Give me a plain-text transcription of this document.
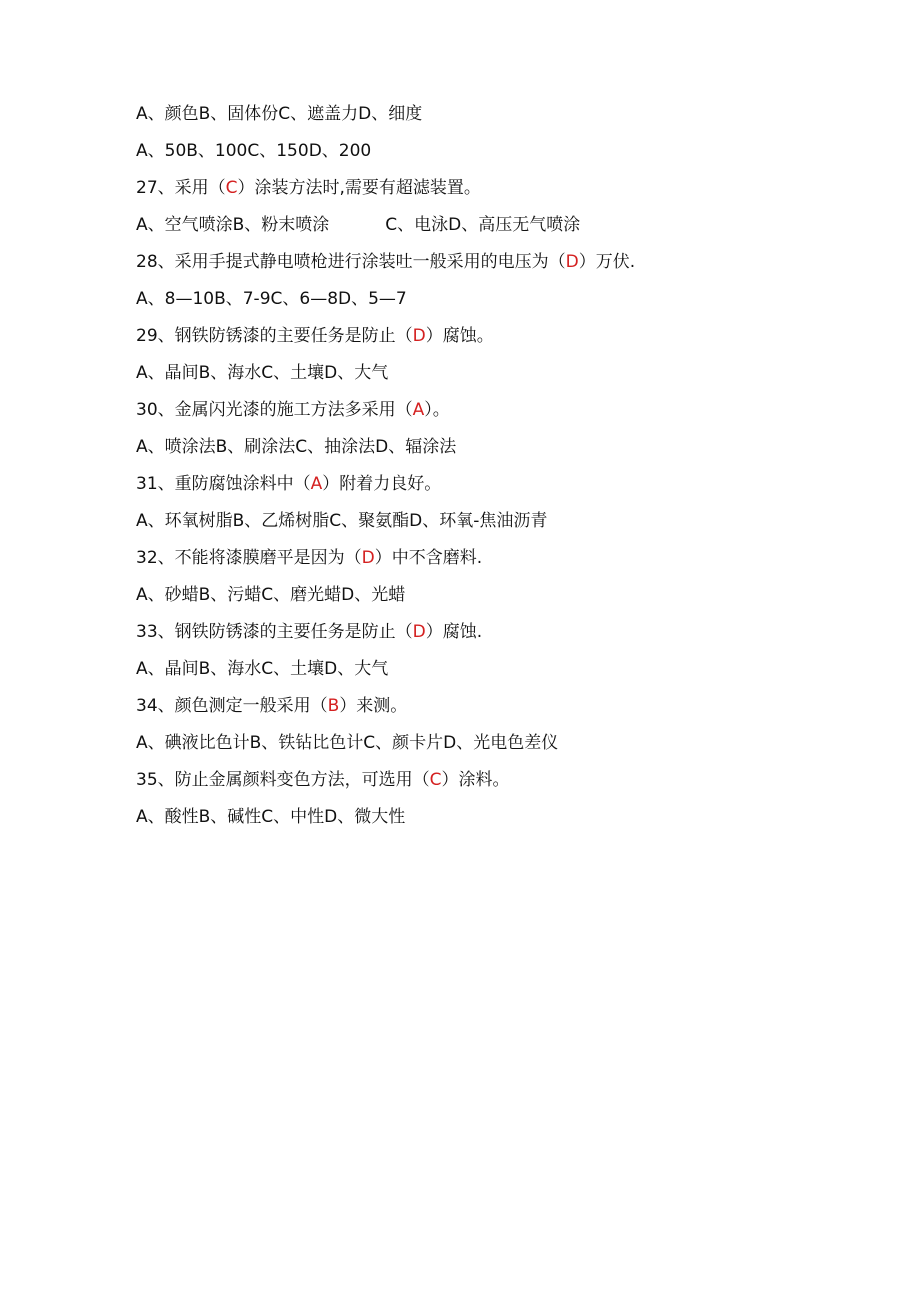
A、颜色B、固体份C、遮盖力D、细度
A、50B、100C、150D、200
27、采用（C）涂装方法时,需要有超滤装置。
A、空气喷涂B、粉末喷涂	C、电泳D、高压无气喷涂
28、采用手提式静电喷枪进行涂装吐一般采用的电压为（D）万伏.
A、8—10B、7-9C、6—8D、5—7
29、钢铁防锈漆的主要任务是防止（D）腐蚀。
A、晶间B、海水C、土壤D、大气
30、金属闪光漆的施工方法多采用（A）。
A、喷涂法B、刷涂法C、抽涂法D、辐涂法
31、重防腐蚀涂料中（A）附着力良好。
A、环氧树脂B、乙烯树脂C、聚氨酯D、环氧-焦油沥青
32、不能将漆膜磨平是因为（D）中不含磨料.
A、砂蜡B、污蜡C、磨光蜡D、光蜡
33、钢铁防锈漆的主要任务是防止（D）腐蚀.
A、晶间B、海水C、土壤D、大气
34、颜色测定一般采用（B）来测。
A、碘液比色计B、铁钻比色计C、颜卡片D、光电色差仪
35、防止金属颜料变色方法，可选用（C）涂料。
A、酸性B、碱性C、中性D、微大性
